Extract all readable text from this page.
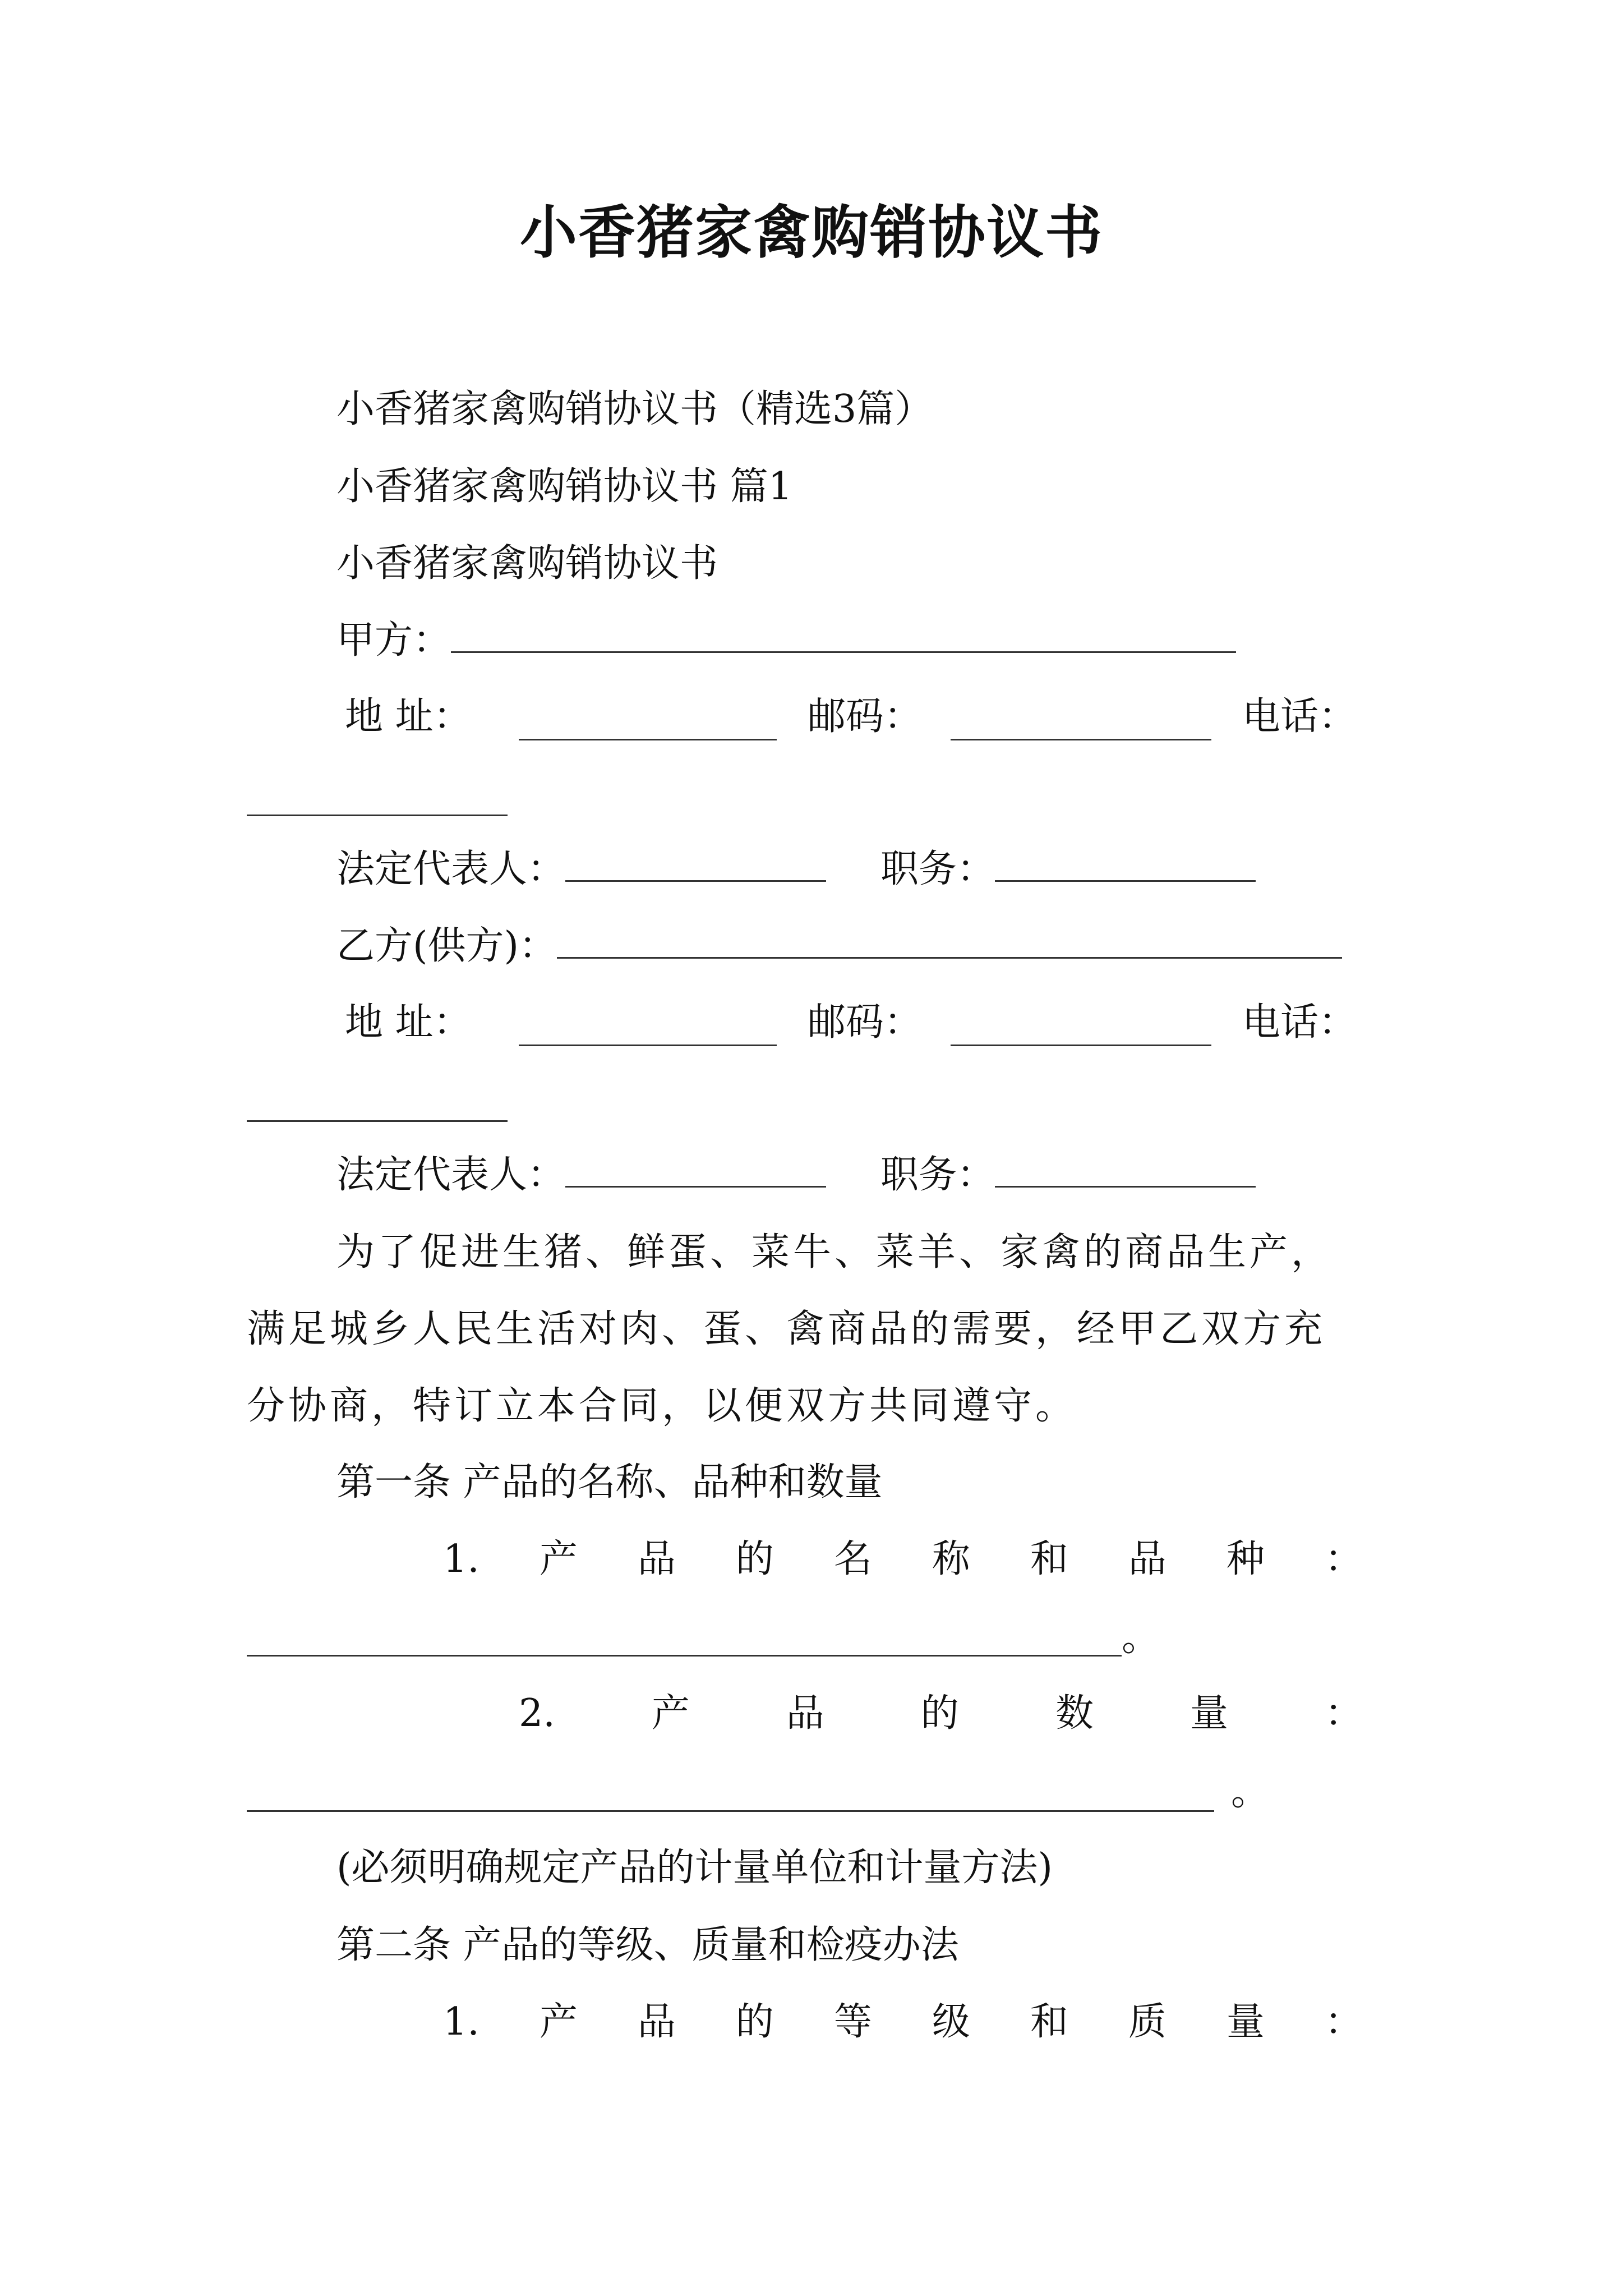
小香猪家禽购销协议书
小香猪家禽购销协议书（精选3篇）
小香猪家禽购销协议书 篇1
小香猪家禽购销协议书
甲方：
地 址：	邮码：	电话：
法定代表人：	职务：
乙方(供方)：
地 址：	邮码：	电话：
法定代表人：	职务：
为了促进生猪、鲜蛋、菜牛、菜羊、家禽的商品生产，
满足城乡人民生活对肉、蛋、禽商品的需要，经甲乙双方充
分协商，特订立本合同，以便双方共同遵守。
第一条 产品的名称、品种和数量
1. 产 品 的 名 称 和 品 种 ：
。
2.	产	品	的	数	量	：
。
(必须明确规定产品的计量单位和计量方法)
第二条 产品的等级、质量和检疫办法
1. 产 品 的 等 级 和 质 量 ：
